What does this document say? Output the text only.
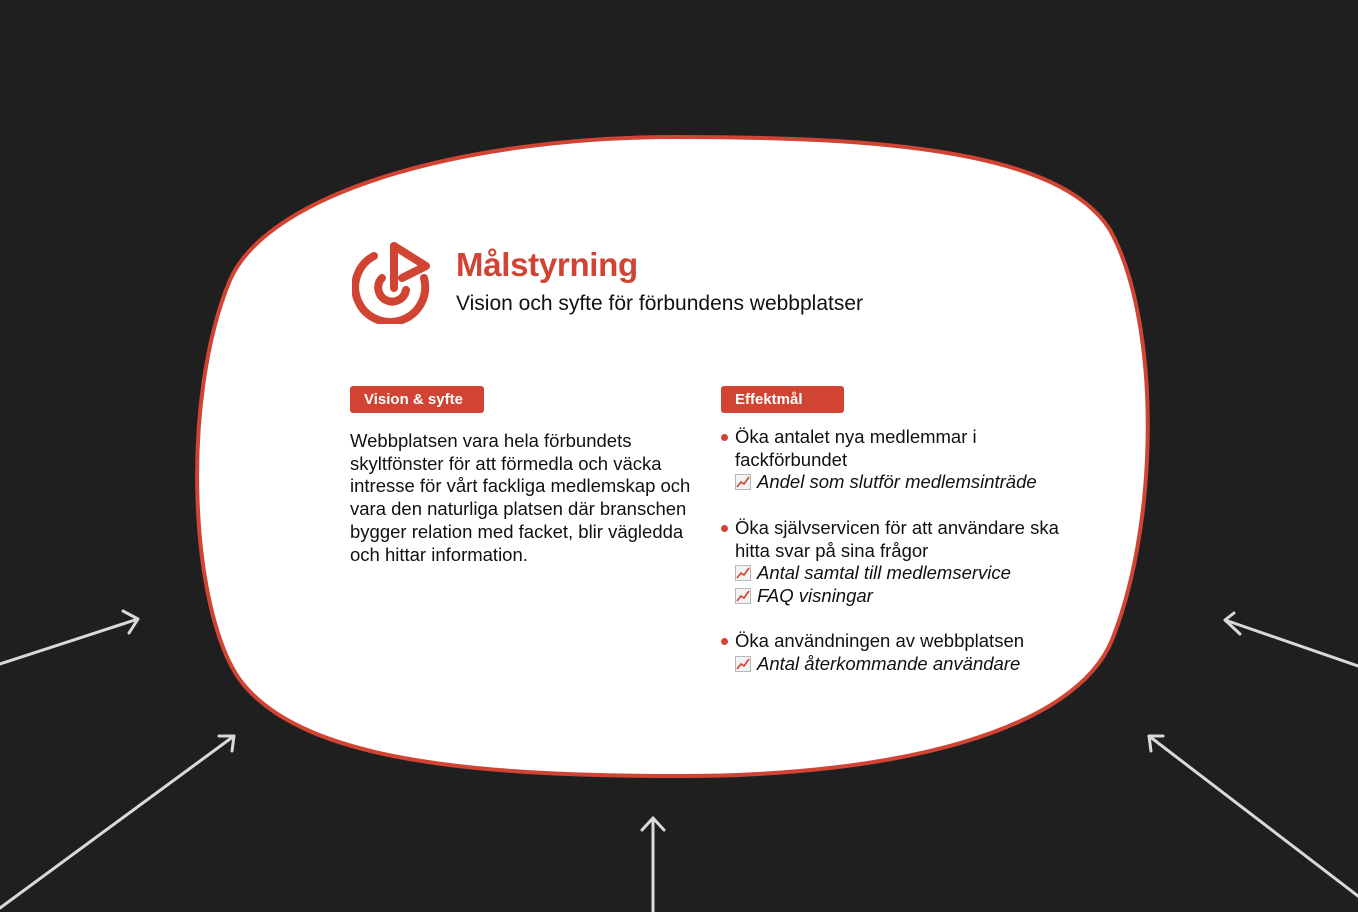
Målstyrning
Vision och syfte för förbundens webbplatser
Vision & syfte
Webbplatsen vara hela förbundets skyltfönster för att förmedla och väcka intresse för vårt fackliga medlemskap och vara den naturliga platsen där branschen bygger relation med facket, blir vägledda och hittar information.
Effektmål
Öka antalet nya medlemmar i fackförbundet
Andel som slutför medlemsinträde
Öka självservicen för att användare ska hitta svar på sina frågor
Antal samtal till medlemservice
FAQ visningar
Öka användningen av webbplatsen
Antal återkommande användare
